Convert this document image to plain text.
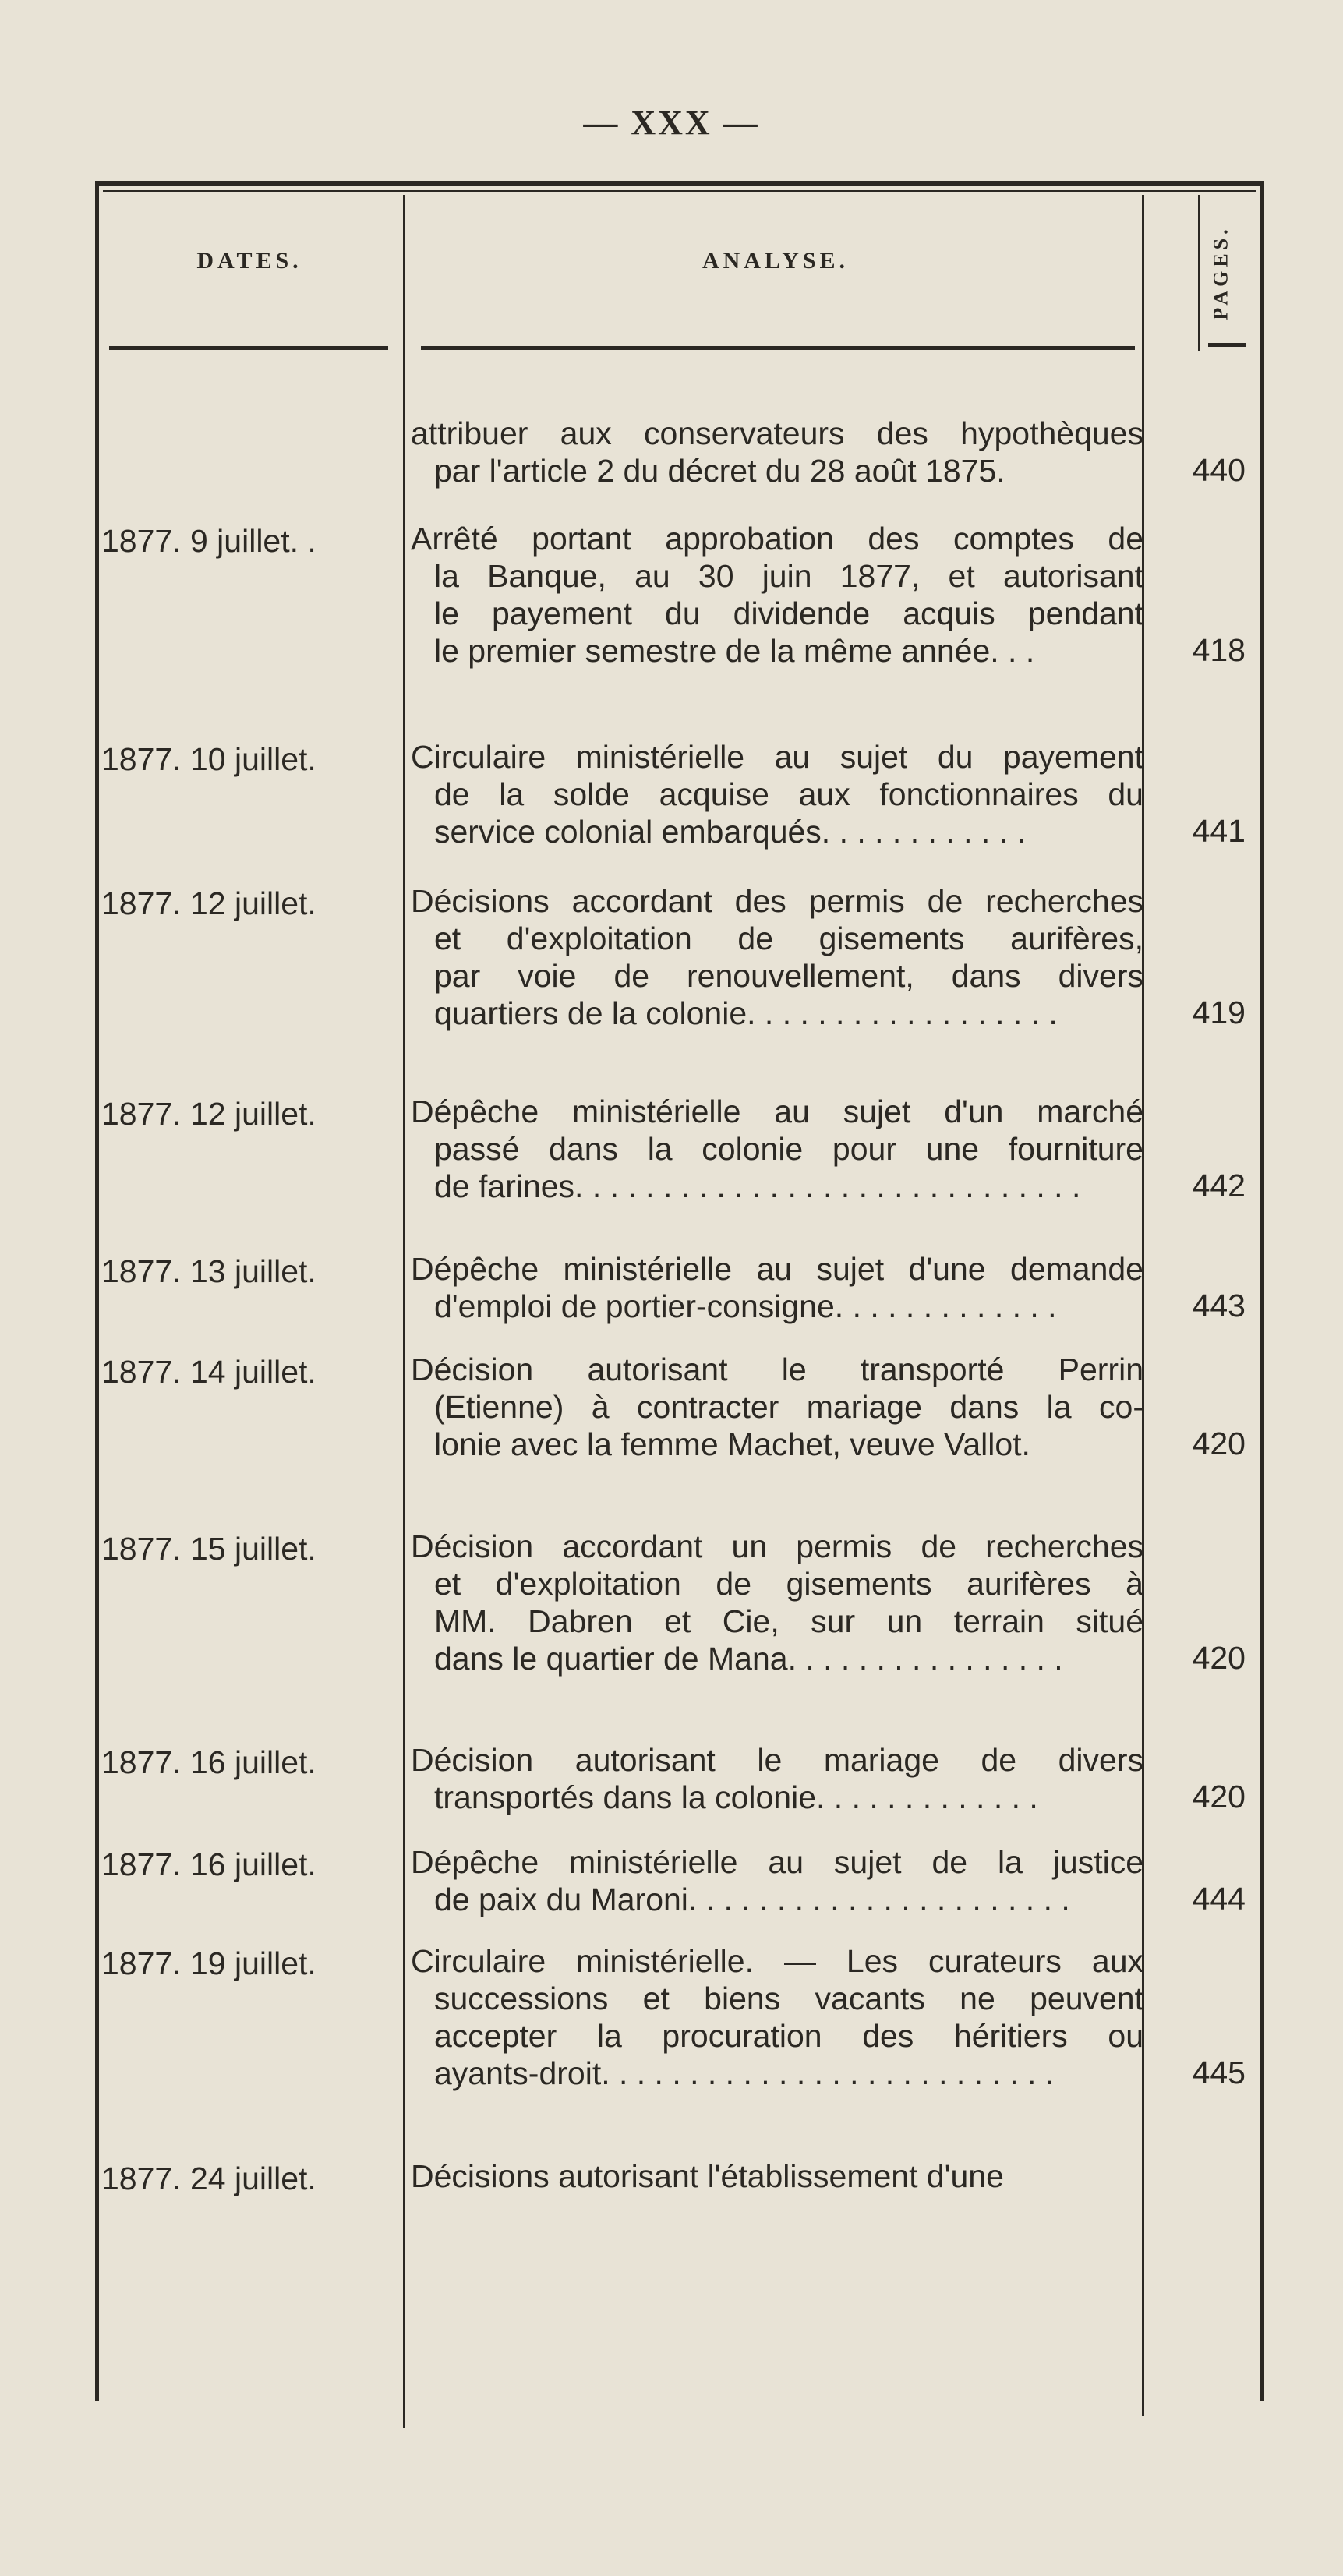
— XXX —
DATES.	ANALYSE.	PAGES.
attribuer aux conservateurs des hypothèques
par l'article 2 du décret du 28 août 1875.	440
1877. 9 juillet. .	Arrêté portant approbation des comptes de
la Banque, au 30 juin 1877, et autorisant
le payement du dividende acquis pendant
le premier semestre de la même année. . .	418
1877. 10 juillet.	Circulaire ministérielle au sujet du payement
de la solde acquise aux fonctionnaires du
service colonial embarqués. . . . . . . . . . . .	441
1877. 12 juillet.	Décisions accordant des permis de recherches
et d'exploitation de gisements aurifères,
par voie de renouvellement, dans divers
quartiers de la colonie. . . . . . . . . . . . . . . . . .	419
1877. 12 juillet.	Dépêche ministérielle au sujet d'un marché
passé dans la colonie pour une fourniture
de farines. . . . . . . . . . . . . . . . . . . . . . . . . . . . .	442
1877. 13 juillet.	Dépêche ministérielle au sujet d'une demande
d'emploi de portier-consigne. . . . . . . . . . . . .	443
1877. 14 juillet.	Décision autorisant le transporté Perrin
(Etienne) à contracter mariage dans la co-
lonie avec la femme Machet, veuve Vallot.	420
1877. 15 juillet.	Décision accordant un permis de recherches
et d'exploitation de gisements aurifères à
MM. Dabren et Cie, sur un terrain situé
dans le quartier de Mana. . . . . . . . . . . . . . . .	420
1877. 16 juillet.	Décision autorisant le mariage de divers
transportés dans la colonie. . . . . . . . . . . . .	420
1877. 16 juillet.	Dépêche ministérielle au sujet de la justice
de paix du Maroni. . . . . . . . . . . . . . . . . . . . . .	444
1877. 19 juillet.	Circulaire ministérielle. — Les curateurs aux
successions et biens vacants ne peuvent
accepter la procuration des héritiers ou
ayants-droit. . . . . . . . . . . . . . . . . . . . . . . . . .	445
1877. 24 juillet.	Décisions autorisant l'établissement d'une
